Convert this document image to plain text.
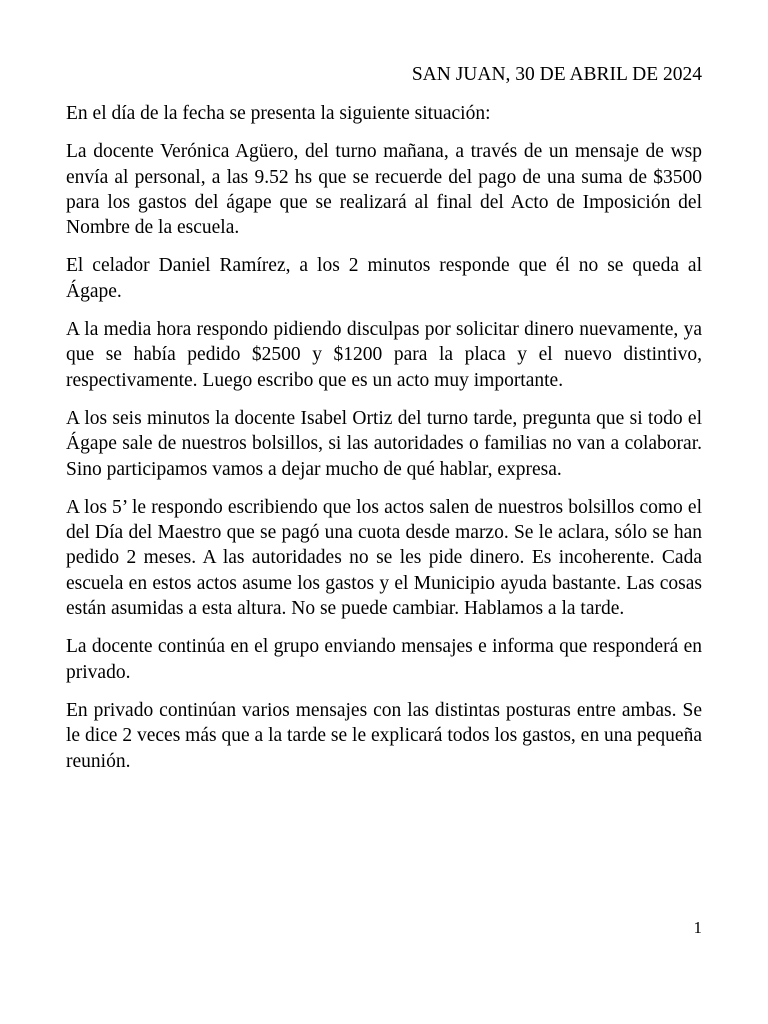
SAN JUAN, 30 DE ABRIL DE 2024

En el día de la fecha se presenta la siguiente situación:

La docente Verónica Agüero, del turno mañana, a través de un mensaje de wsp envía al personal, a las 9.52 hs que se recuerde del pago de una suma de $3500 para los gastos del ágape que se realizará al final del Acto de Imposición del Nombre de la escuela.

El celador Daniel Ramírez, a los 2 minutos responde que él no se queda al Ágape.

A la media hora respondo pidiendo disculpas por solicitar dinero nuevamente, ya que se había pedido $2500 y $1200 para la placa y el nuevo distintivo, respectivamente. Luego escribo que es un acto muy importante.

A los seis minutos la docente Isabel Ortiz del turno tarde, pregunta que si todo el Ágape sale de nuestros bolsillos, si las autoridades o familias no van a colaborar. Sino participamos vamos a dejar mucho de qué hablar, expresa.

A los 5’ le respondo escribiendo que los actos salen de nuestros bolsillos como el del Día del Maestro que se pagó una cuota desde marzo. Se le aclara, sólo se han pedido 2 meses. A las autoridades no se les pide dinero. Es incoherente. Cada escuela en estos actos asume los gastos y el Municipio ayuda bastante. Las cosas están asumidas a esta altura. No se puede cambiar. Hablamos a la tarde.

La docente continúa en el grupo enviando mensajes e informa que responderá en privado.

En privado continúan varios mensajes con las distintas posturas entre ambas. Se le dice 2 veces más que a la tarde se le explicará todos los gastos, en una pequeña reunión.

1
